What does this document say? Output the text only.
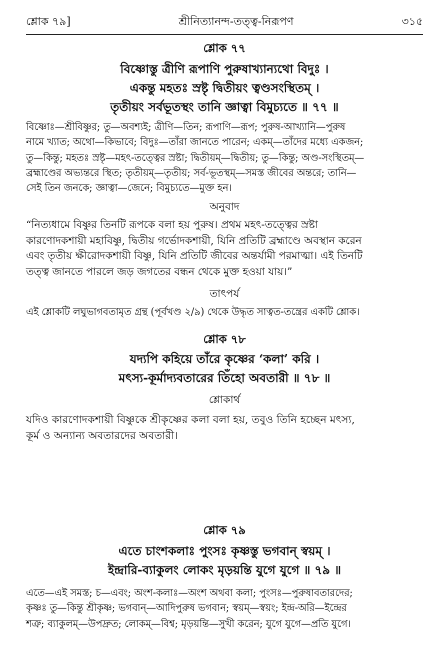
শ্লোক ৭৯]	শ্রীনিত্যানন্দ-তত্ত্ব-নিরূপণ	৩১৫
শ্লোক ৭৭
বিষ্ণোস্তু ত্রীণি রূপাণি পুরুষাখ্যান্যথো বিদুঃ ।
একন্তু মহতঃ স্রষ্টৃ দ্বিতীয়ং ত্বণ্ডসংস্থিতম্ ।
তৃতীয়ং সর্বভূতস্থং তানি জ্ঞাত্বা বিমুচ্যতে ॥ ৭৭ ॥
বিষ্ণোঃ—শ্রীবিষ্ণুর; তু—অবশ্যই; ত্রীণি—তিন; রূপাণি—রূপ; পুরুষ-আখ্যানি—পুরুষ
নামে খ্যাত; অথো—কিভাবে; বিদুঃ—তাঁরা জানতে পারেন; একম্—তাঁদের মধ্যে একজন;
তু—কিন্তু; মহতঃ স্রষ্টৃ—মহৎ-তত্ত্বের স্রষ্টা; দ্বিতীয়ম্—দ্বিতীয়; তু—কিন্তু; অণ্ড-সংস্থিতম্—
ব্রহ্মাণ্ডের অভ্যন্তরে স্থিত; তৃতীয়ম্—তৃতীয়; সর্ব-ভূতস্থম্—সমস্ত জীবের অন্তরে; তানি—
সেই তিন জনকে; জ্ঞাত্বা—জেনে; বিমুচ্যতে—মুক্ত হন।
অনুবাদ
“নিত্যধামে বিষ্ণুর তিনটি রূপকে বলা হয় পুরুষ। প্রথম মহৎ-তত্ত্বের স্রষ্টা
কারণোদকশায়ী মহাবিষ্ণু, দ্বিতীয় গর্ভোদকশায়ী, যিনি প্রতিটি ব্রহ্মাণ্ডে অবস্থান করেন
এবং তৃতীয় ক্ষীরোদকশায়ী বিষ্ণু, যিনি প্রতিটি জীবের অন্তর্যামী পরমাত্মা। এই তিনটি
তত্ত্ব জানতে পারলে জড় জগতের বন্ধন থেকে মুক্ত হওয়া যায়।”
তাৎপর্য
এই শ্লোকটি লঘুভাগবতামৃত গ্রন্থ (পূর্বখণ্ড ২/৯) থেকে উদ্ধৃত সাত্বত-তন্ত্রের একটি শ্লোক।
শ্লোক ৭৮
যদ্যপি কহিয়ে তাঁরে কৃষ্ণের ‘কলা’ করি ।
মৎস্য-কূর্মাদ্যবতারের তিঁহো অবতারী ॥ ৭৮ ॥
শ্লোকার্থ
যদিও কারণোদকশায়ী বিষ্ণুকে শ্রীকৃষ্ণের কলা বলা হয়, তবুও তিনি হচ্ছেন মৎস্য,
কূর্ম ও অন্যান্য অবতারদের অবতারী।
শ্লোক ৭৯
এতে চাংশকলাঃ পুংসঃ কৃষ্ণস্তু ভগবান্ স্বয়ম্ ।
ইন্দ্রারি-ব্যাকুলং লোকং মৃড়য়ন্তি যুগে যুগে ॥ ৭৯ ॥
এতে—এই সমস্ত; চ—এবং; অংশ-কলাঃ—অংশ অথবা কলা; পুংসঃ—পুরুষাবতারদের;
কৃষ্ণঃ তু—কিন্তু শ্রীকৃষ্ণ; ভগবান্—আদিপুরুষ ভগবান; স্বয়ম্—স্বয়ং; ইন্দ্র-অরি—ইন্দ্রের
শত্রু; ব্যাকুলম্—উপদ্রুত; লোকম্—বিশ্ব; মৃড়য়ন্তি—সুখী করেন; যুগে যুগে—প্রতি যুগে।
